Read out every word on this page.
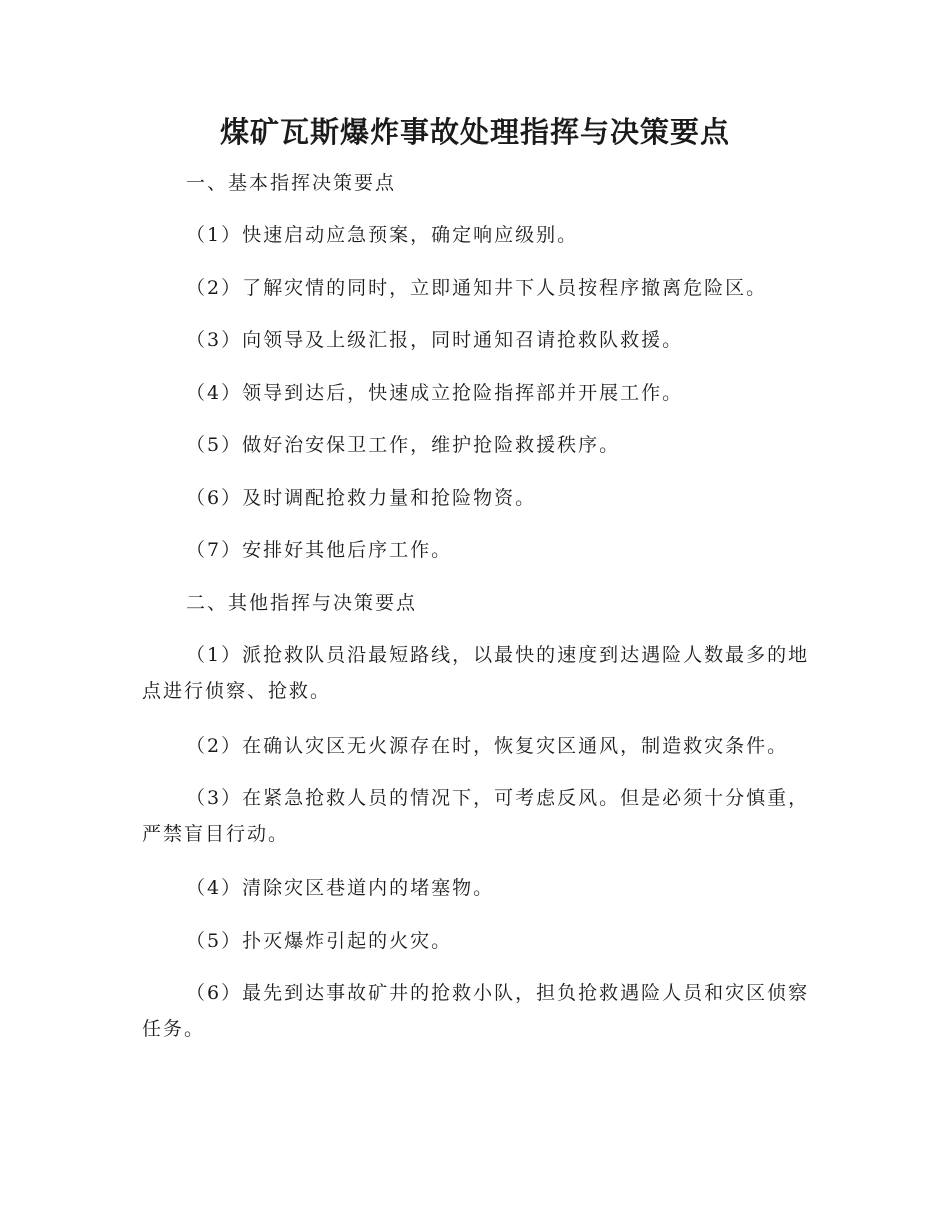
煤矿瓦斯爆炸事故处理指挥与决策要点
一、基本指挥决策要点

（1）快速启动应急预案，确定响应级别。

（2）了解灾情的同时，立即通知井下人员按程序撤离危险区。

（3）向领导及上级汇报，同时通知召请抢救队救援。

（4）领导到达后，快速成立抢险指挥部并开展工作。

（5）做好治安保卫工作，维护抢险救援秩序。

（6）及时调配抢救力量和抢险物资。

（7）安排好其他后序工作。

二、其他指挥与决策要点

（1）派抢救队员沿最短路线，以最快的速度到达遇险人数最多的地点进行侦察、抢救。

（2）在确认灾区无火源存在时，恢复灾区通风，制造救灾条件。

（3）在紧急抢救人员的情况下，可考虑反风。但是必须十分慎重，严禁盲目行动。

（4）清除灾区巷道内的堵塞物。

（5）扑灭爆炸引起的火灾。

（6）最先到达事故矿井的抢救小队，担负抢救遇险人员和灾区侦察任务。
